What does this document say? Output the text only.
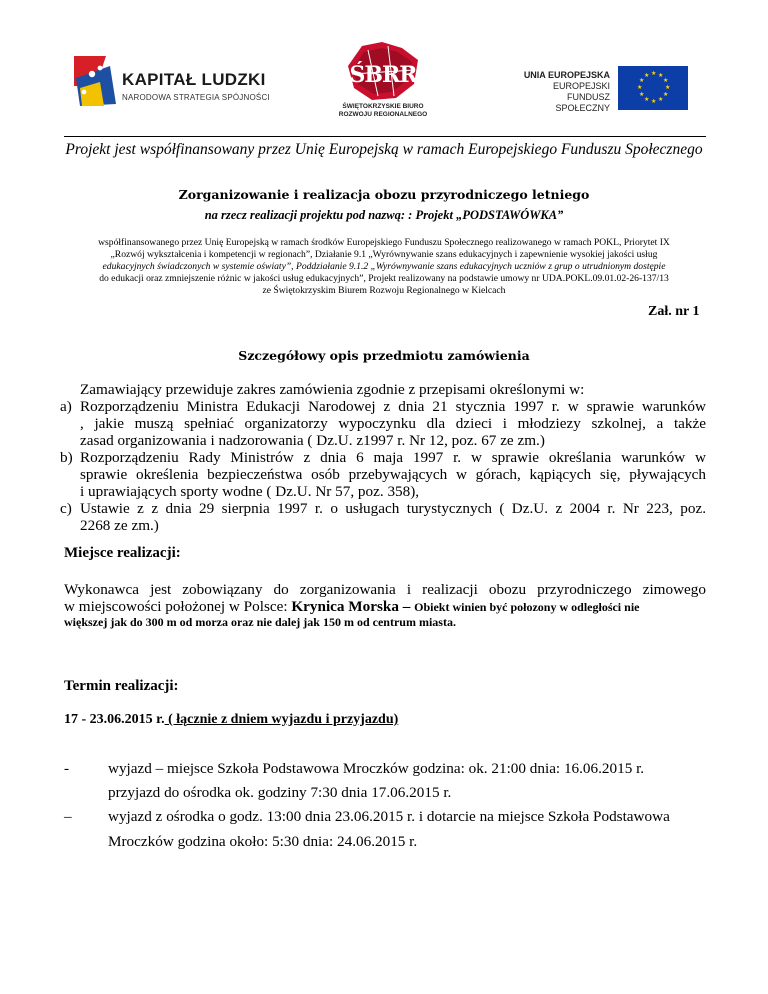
KAPITAŁ LUDZKI
NARODOWA STRATEGIA SPÓJNOŚCI
ŚBRR
ŚWIĘTOKRZYSKIE BIURO
ROZWOJU REGIONALNEGO
UNIA EUROPEJSKA
EUROPEJSKI
FUNDUSZ SPOŁECZNY
★ ★
★
★
★
★
★
★
★
★
★
★
Projekt jest współfinansowany przez Unię Europejską w ramach Europejskiego Funduszu Społecznego
Zorganizowanie i realizacja obozu przyrodniczego letniego
na rzecz realizacji projektu pod nazwą: : Projekt „PODSTAWÓWKA”
współfinansowanego przez Unię Europejską w ramach środków Europejskiego Funduszu Społecznego realizowanego w ramach POKL, Priorytet IX
„Rozwój wykształcenia i kompetencji w regionach”, Działanie 9.1 „Wyrównywanie szans edukacyjnych i zapewnienie wysokiej jakości usług
edukacyjnych świadczonych w systemie oświaty”, Poddziałanie 9.1.2 „Wyrównywanie szans edukacyjnych uczniów z grup o utrudnionym dostępie
do edukacji oraz zmniejszenie różnic w jakości usług edukacyjnych”, Projekt realizowany na podstawie umowy nr UDA.POKL.09.01.02-26-137/13
ze Świętokrzyskim Biurem Rozwoju Regionalnego w Kielcach
Zał. nr 1
Szczegółowy opis przedmiotu zamówienia
Zamawiający przewiduje zakres zamówienia zgodnie z przepisami określonymi w:
a) Rozporządzeniu Ministra Edukacji Narodowej z dnia 21 stycznia 1997 r. w sprawie warunków
, jakie muszą spełniać organizatorzy wypoczynku dla dzieci i młodziezy szkolnej, a także
zasad organizowania i nadzorowania ( Dz.U. z1997 r. Nr 12, poz. 67 ze zm.)
b) Rozporządzeniu Rady Ministrów z dnia 6 maja 1997 r. w sprawie określania warunków w
sprawie określenia bezpieczeństwa osób przebywających w górach, kąpiących się, pływających
i uprawiających sporty wodne ( Dz.U. Nr 57, poz. 358),
c) Ustawie z z dnia 29 sierpnia 1997 r. o usługach turystycznych ( Dz.U. z 2004 r. Nr 223, poz.
2268 ze zm.)
Miejsce realizacji:
Wykonawca jest zobowiązany do zorganizowania i realizacji obozu przyrodniczego zimowego
w miejscowości położonej w Polsce: Krynica Morska – Obiekt winien być połozony w odległości nie
większej jak do 300 m od morza oraz nie dalej jak 150 m od centrum miasta.
Termin realizacji:
17 - 23.06.2015 r. ( łącznie z dniem wyjazdu i przyjazdu)
-	wyjazd – miejsce Szkoła Podstawowa Mroczków godzina: ok. 21:00 dnia: 16.06.2015 r.
przyjazd do ośrodka ok. godziny 7:30 dnia 17.06.2015 r.
– wyjazd z ośrodka o godz. 13:00 dnia 23.06.2015 r. i dotarcie na miejsce Szkoła Podstawowa
Mroczków godzina około: 5:30 dnia: 24.06.2015 r.
